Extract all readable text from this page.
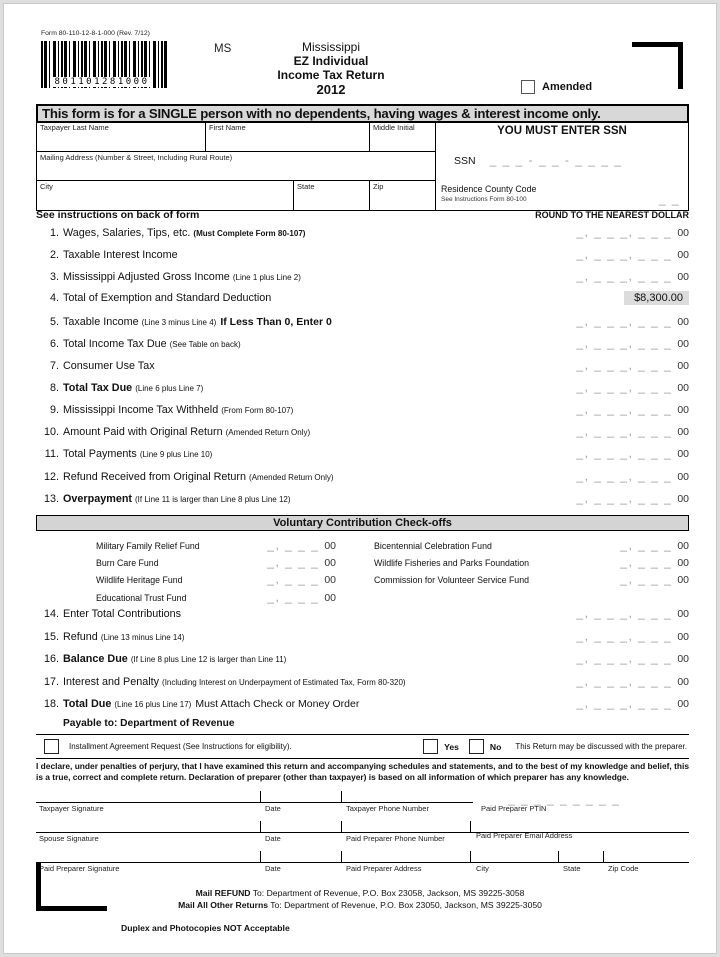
Form 80-110-12-8-1-000 (Rev. 7/12)
801101281000
MS	Mississippi
EZ Individual
Income Tax Return
2012	Amended
This form is for a SINGLE person with no dependents, having wages & interest income only.
Taxpayer Last Name	First Name	Middle Initial
Mailing Address (Number & Street, Including Rural Route)
City	State	Zip
YOU MUST ENTER SSN
SSN _ _ _ - _ _ - _ _ _ _
Residence County Code
See Instructions Form 80-100	_ _
See instructions on back of form	ROUND TO THE NEAREST DOLLAR
1. Wages, Salaries, Tips, etc. (Must Complete Form 80-107)	_, _ _ _, _ _ _ 00
2. Taxable Interest Income	_, _ _ _, _ _ _ 00
3. Mississippi Adjusted Gross Income (Line 1 plus Line 2)	_, _ _ _, _ _ _ 00
4. Total of Exemption and Standard Deduction	$8,300.00
5. Taxable Income (Line 3 minus Line 4) If Less Than 0, Enter 0	_, _ _ _, _ _ _ 00
6. Total Income Tax Due (See Table on back)	_, _ _ _, _ _ _ 00
7. Consumer Use Tax	_, _ _ _, _ _ _ 00
8. Total Tax Due (Line 6 plus Line 7)	_, _ _ _, _ _ _ 00
9. Mississippi Income Tax Withheld (From Form 80-107)	_, _ _ _, _ _ _ 00
10. Amount Paid with Original Return (Amended Return Only)	_, _ _ _, _ _ _ 00
11. Total Payments (Line 9 plus Line 10)	_, _ _ _, _ _ _ 00
12. Refund Received from Original Return (Amended Return Only)	_, _ _ _, _ _ _ 00
13. Overpayment (If Line 11 is larger than Line 8 plus Line 12)	_, _ _ _, _ _ _ 00
Voluntary Contribution Check-offs
Military Family Relief Fund	_, _ _ _ 00
Burn Care Fund	_, _ _ _ 00
Wildlife Heritage Fund	_, _ _ _ 00
Educational Trust Fund	_, _ _ _ 00
Bicentennial Celebration Fund	_, _ _ _ 00
Wildlife Fisheries and Parks Foundation	_, _ _ _ 00
Commission for Volunteer Service Fund	_, _ _ _ 00
14. Enter Total Contributions	_, _ _ _, _ _ _ 00
15. Refund (Line 13 minus Line 14)	_, _ _ _, _ _ _ 00
16. Balance Due (If Line 8 plus Line 12 is larger than Line 11)	_, _ _ _, _ _ _ 00
17. Interest and Penalty (Including Interest on Underpayment of Estimated Tax, Form 80-320)	_, _ _ _, _ _ _ 00
18. Total Due (Line 16 plus Line 17) Must Attach Check or Money Order	_, _ _ _, _ _ _ 00
Payable to: Department of Revenue
Installment Agreement Request (See Instructions for eligibility).	Yes	No This Return may be discussed with the preparer.
I declare, under penalties of perjury, that I have examined this return and accompanying schedules and statements, and to the best of my knowledge and belief, this is a true, correct and complete return. Declaration of preparer (other than taxpayer) is based on all information of which preparer has any knowledge.
Taxpayer Signature	Date	Taxpayer Phone Number
_ _ _ _ _ _ _ _ _
Paid Preparer PTIN
Spouse Signature	Date	Paid Preparer Phone Number	Paid Preparer Email Address
Paid Preparer Signature	Date	Paid Preparer Address	City	State	Zip Code
Mail REFUND To: Department of Revenue, P.O. Box 23058, Jackson, MS 39225-3058
Mail All Other Returns To: Department of Revenue, P.O. Box 23050, Jackson, MS 39225-3050
Duplex and Photocopies NOT Acceptable
